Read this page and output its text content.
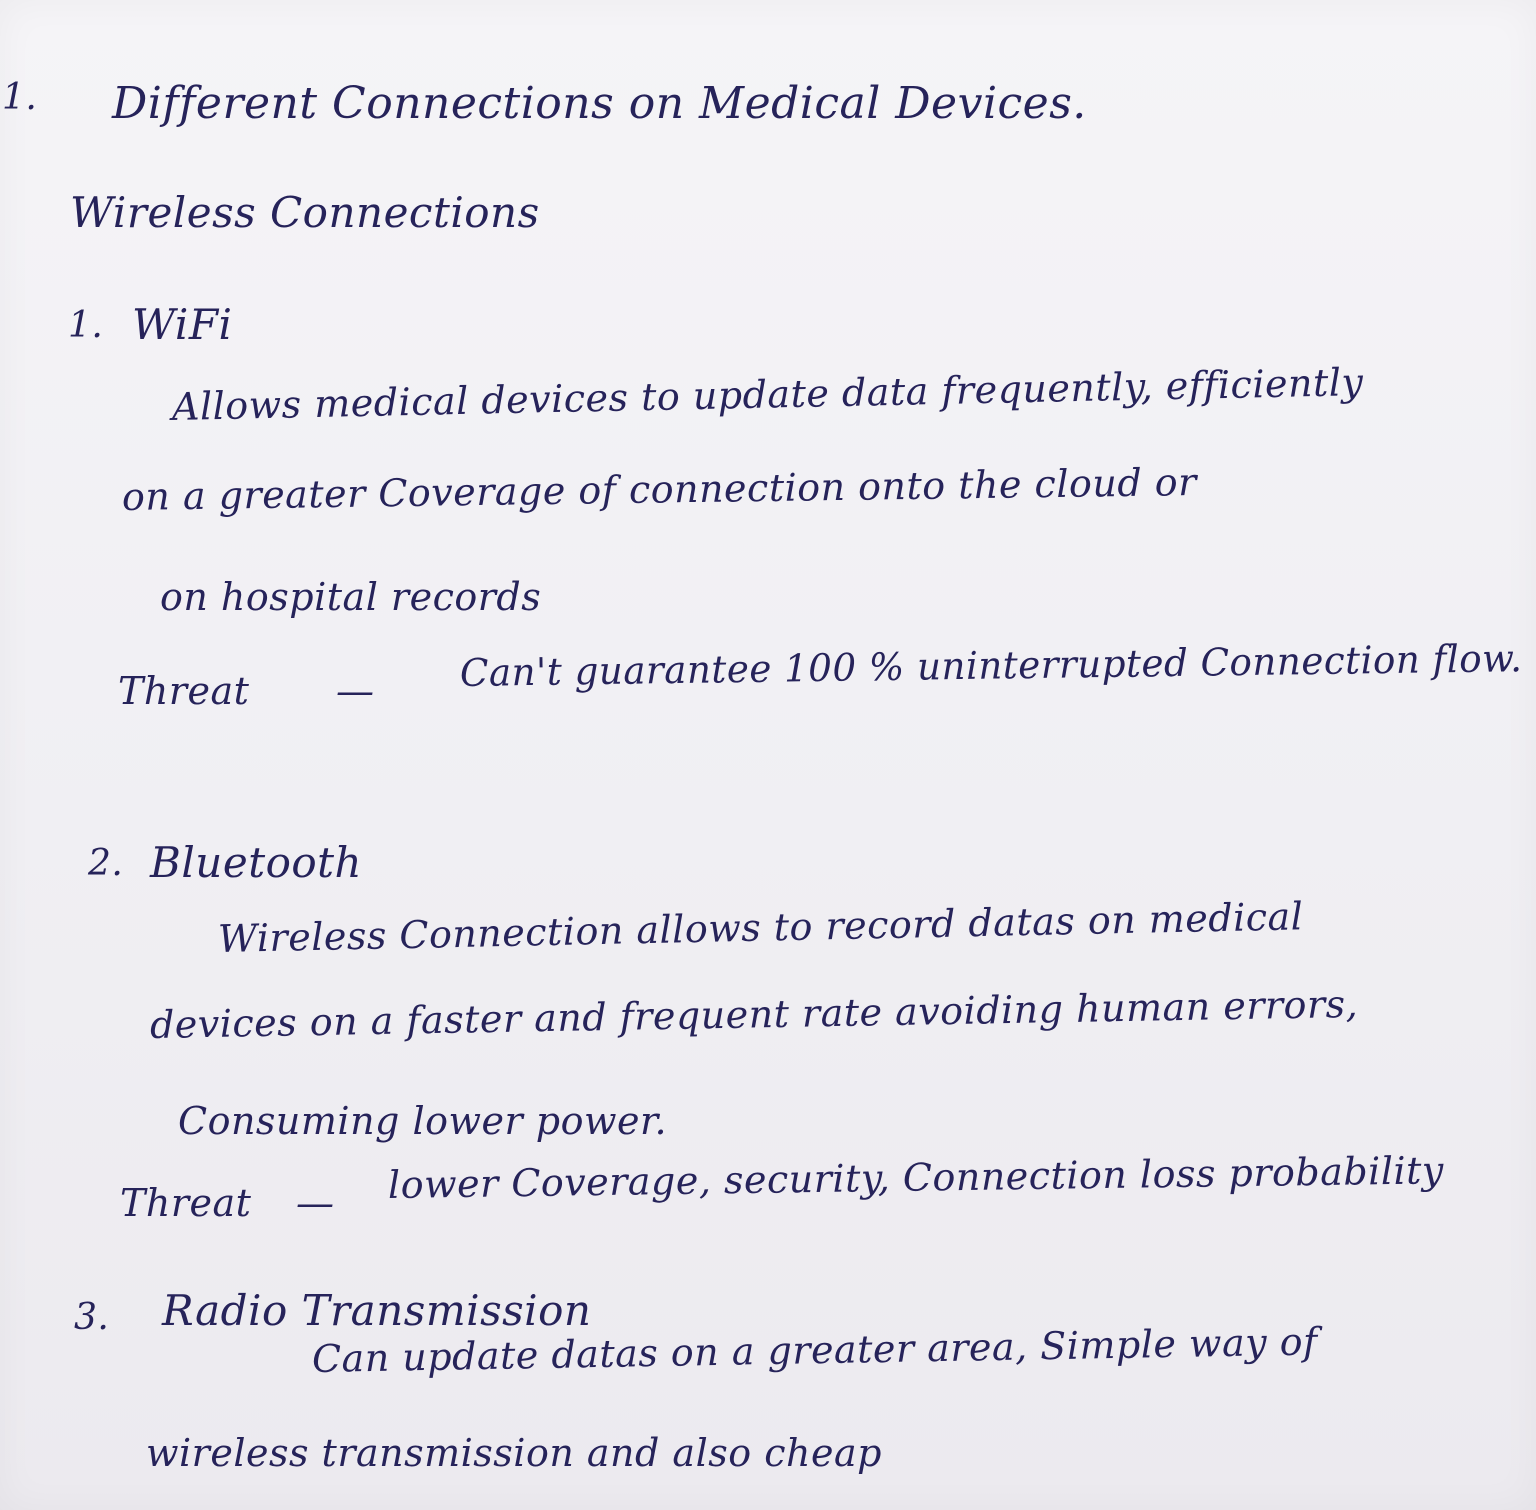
1. Different Connections on Medical Devices.
Wireless Connections
1. WiFi
Allows medical devices to update data frequently, efficiently
on a greater Coverage of connection onto the cloud or
on hospital records
Threat — Can't guarantee 100 % uninterrupted Connection flow.
2. Bluetooth
Wireless Connection allows to record datas on medical
devices on a faster and frequent rate avoiding human errors,
Consuming lower power.
Threat — lower Coverage, security, Connection loss probability
3. Radio Transmission
Can update datas on a greater area, Simple way of
wireless transmission and also cheap
